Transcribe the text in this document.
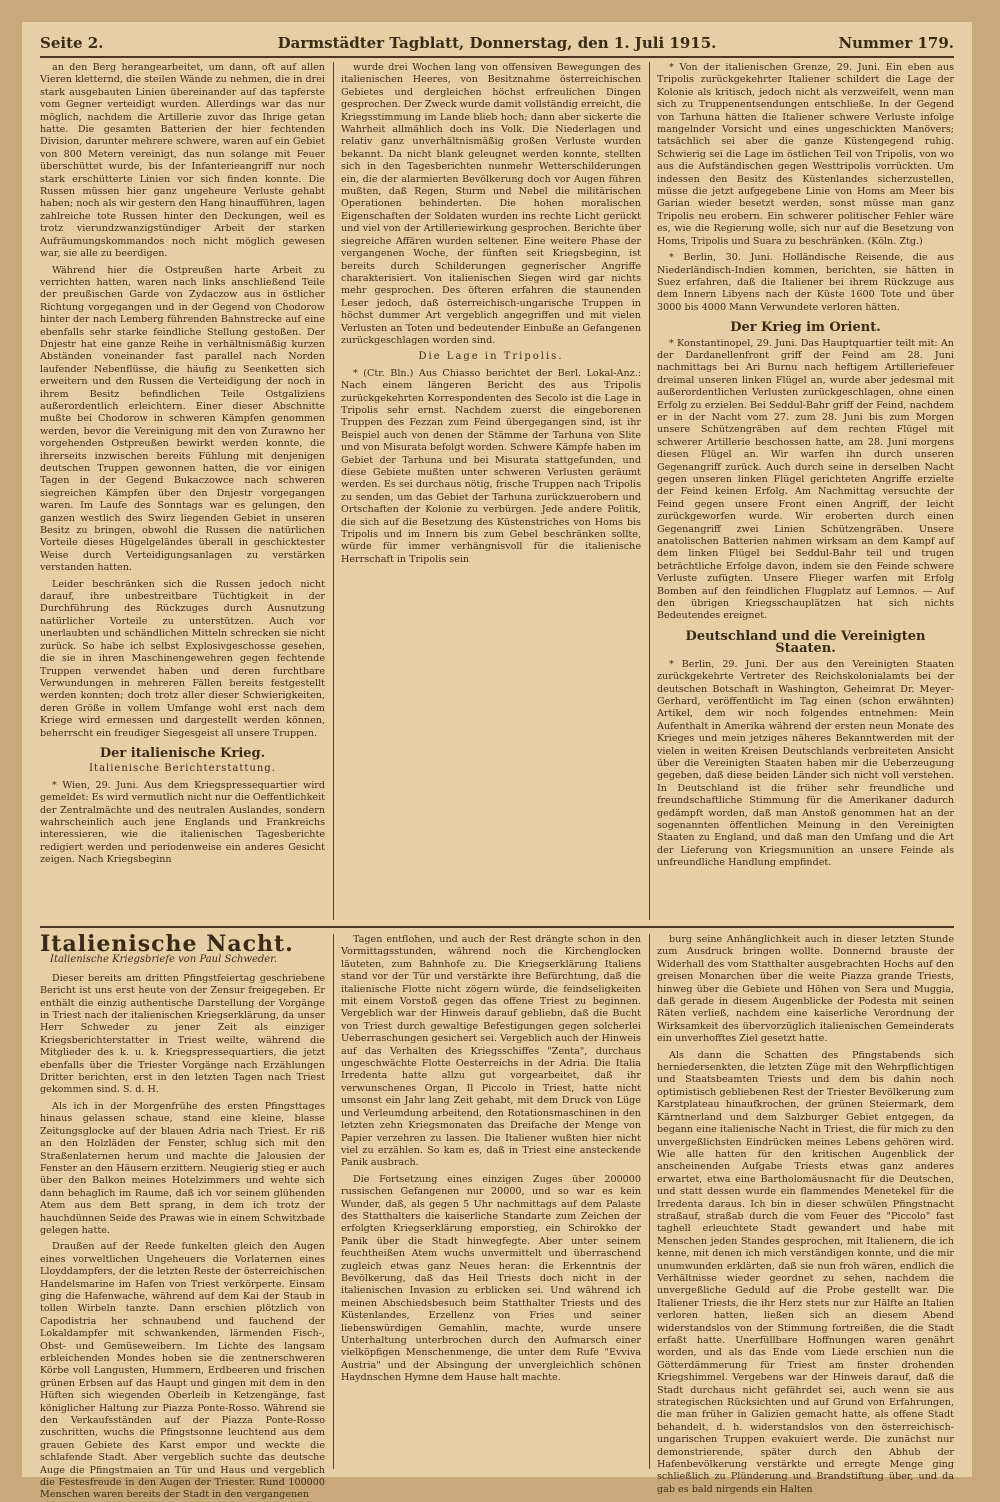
Seite 2.	Darmstädter Tagblatt, Donnerstag, den 1. Juli 1915.	Nummer 179.

an den Berg herangearbeitet, um dann, oft auf allen Vieren kletternd, die steilen Wände zu nehmen, die in drei stark ausgebauten Linien übereinander auf das tapferste vom Gegner verteidigt wurden. Allerdings war das nur möglich, nachdem die Artillerie zuvor das Ihrige getan hatte. Die gesamten Batterien der hier fechtenden Division, darunter mehrere schwere, waren auf ein Gebiet von 800 Metern vereinigt, das nun solange mit Feuer überschüttet wurde, bis der Infanterieangriff nur noch stark erschütterte Linien vor sich finden konnte. Die Russen müssen hier ganz ungeheure Verluste gehabt haben; noch als wir gestern den Hang hinaufführen, lagen zahlreiche tote Russen hinter den Deckungen, weil es trotz vierundzwanzigstündiger Arbeit der starken Aufräumungskommandos noch nicht möglich gewesen war, sie alle zu beerdigen.

Während hier die Ostpreußen harte Arbeit zu verrichten hatten, waren nach links anschließend Teile der preußischen Garde von Zydaczow aus in östlicher Richtung vorgegangen und in der Gegend von Chodorow hinter der nach Lemberg führenden Bahnstrecke auf eine ebenfalls sehr starke feindliche Stellung gestoßen. Der Dnjestr hat eine ganze Reihe in verhältnismäßig kurzen Abständen voneinander fast parallel nach Norden laufender Nebenflüsse, die häufig zu Seenketten sich erweitern und den Russen die Verteidigung der noch in ihrem Besitz befindlichen Teile Ostgaliziens außerordentlich erleichtern. Einer dieser Abschnitte mußte bei Chodorow in schweren Kämpfen genommen werden, bevor die Vereinigung mit den von Zurawno her vorgehenden Ostpreußen bewirkt werden konnte, die ihrerseits inzwischen bereits Fühlung mit denjenigen deutschen Truppen gewonnen hatten, die vor einigen Tagen in der Gegend Bukaczowce nach schweren siegreichen Kämpfen über den Dnjestr vorgegangen waren. Im Laufe des Sonntags war es gelungen, den ganzen westlich des Swirz liegenden Gebiet in unseren Besitz zu bringen, obwohl die Russen die natürlichen Vorteile dieses Hügelgeländes überall in geschicktester Weise durch Verteidigungsanlagen zu verstärken verstanden hatten.

Leider beschränken sich die Russen jedoch nicht darauf, ihre unbestreitbare Tüchtigkeit in der Durchführung des Rückzuges durch Ausnutzung natürlicher Vorteile zu unterstützen. Auch vor unerlaubten und schändlichen Mitteln schrecken sie nicht zurück. So habe ich selbst Explosivgeschosse gesehen, die sie in ihren Maschinengewehren gegen fechtende Truppen verwendet haben und deren furchtbare Verwundungen in mehreren Fällen bereits festgestellt werden konnten; doch trotz aller dieser Schwierigkeiten, deren Größe in vollem Umfange wohl erst nach dem Kriege wird ermessen und dargestellt werden können, beherrscht ein freudiger Siegesgeist all unsere Truppen.

Der italienische Krieg.
Italienische Berichterstattung.

* Wien, 29. Juni. Aus dem Kriegspressequartier wird gemeldet: Es wird vermutlich nicht nur die Oeffentlichkeit der Zentralmächte und des neutralen Auslandes, sondern wahrscheinlich auch jene Englands und Frankreichs interessieren, wie die italienischen Tagesberichte redigiert werden und periodenweise ein anderes Gesicht zeigen. Nach Kriegsbeginn

wurde drei Wochen lang von offensiven Bewegungen des italienischen Heeres, von Besitznahme österreichischen Gebietes und dergleichen höchst erfreulichen Dingen gesprochen. Der Zweck wurde damit vollständig erreicht, die Kriegsstimmung im Lande blieb hoch; dann aber sickerte die Wahrheit allmählich doch ins Volk. Die Niederlagen und relativ ganz unverhältnismäßig großen Verluste wurden bekannt. Da nicht blank geleugnet werden konnte, stellten sich in den Tagesberichten nunmehr Wetterschilderungen ein, die der alarmierten Bevölkerung doch vor Augen führen mußten, daß Regen, Sturm und Nebel die militärischen Operationen behinderten. Die hohen moralischen Eigenschaften der Soldaten wurden ins rechte Licht gerückt und viel von der Artilleriewirkung gesprochen. Berichte über siegreiche Affären wurden seltener. Eine weitere Phase der vergangenen Woche, der fünften seit Kriegsbeginn, ist bereits durch Schilderungen gegnerischer Angriffe charakterisiert. Von italienischen Siegen wird gar nichts mehr gesprochen. Des öfteren erfahren die staunenden Leser jedoch, daß österreichisch-ungarische Truppen in höchst dummer Art vergeblich angegriffen und mit vielen Verlusten an Toten und bedeutender Einbuße an Gefangenen zurückgeschlagen worden sind.

Die Lage in Tripolis.

* (Ctr. Bln.) Aus Chiasso berichtet der Berl. Lokal-Anz.: Nach einem längeren Bericht des aus Tripolis zurückgekehrten Korrespondenten des Secolo ist die Lage in Tripolis sehr ernst. Nachdem zuerst die eingeborenen Truppen des Fezzan zum Feind übergegangen sind, ist ihr Beispiel auch von denen der Stämme der Tarhuna von Slite und von Misurata befolgt worden. Schwere Kämpfe haben im Gebiet der Tarhuna und bei Misurata stattgefunden, und diese Gebiete mußten unter schweren Verlusten geräumt werden. Es sei durchaus nötig, frische Truppen nach Tripolis zu senden, um das Gebiet der Tarhuna zurückzuerobern und Ortschaften der Kolonie zu verbürgen. Jede andere Politik, die sich auf die Besetzung des Küstenstriches von Homs bis Tripolis und im Innern bis zum Gebel beschränken sollte, würde für immer verhängnisvoll für die italienische Herrschaft in Tripolis sein

* Von der italienischen Grenze, 29. Juni. Ein eben aus Tripolis zurückgekehrter Italiener schildert die Lage der Kolonie als kritisch, jedoch nicht als verzweifelt, wenn man sich zu Truppenentsendungen entschließe. In der Gegend von Tarhuna hätten die Italiener schwere Verluste infolge mangelnder Vorsicht und eines ungeschickten Manövers; tatsächlich sei aber die ganze Küstengegend ruhig. Schwierig sei die Lage im östlichen Teil von Tripolis, von wo aus die Aufständischen gegen Westtripolis vorrückten. Um indessen den Besitz des Küstenlandes sicherzustellen, müsse die jetzt aufgegebene Linie von Homs am Meer bis Garian wieder besetzt werden, sonst müsse man ganz Tripolis neu erobern. Ein schwerer politischer Fehler wäre es, wie die Regierung wolle, sich nur auf die Besetzung von Homs, Tripolis und Suara zu beschränken. (Köln. Ztg.)

* Berlin, 30. Juni. Holländische Reisende, die aus Niederländisch-Indien kommen, berichten, sie hätten in Suez erfahren, daß die Italiener bei ihrem Rückzuge aus dem Innern Libyens nach der Küste 1600 Tote und über 3000 bis 4000 Mann Verwundete verloren hätten.

Der Krieg im Orient.

* Konstantinopel, 29. Juni. Das Hauptquartier teilt mit: An der Dardanellenfront griff der Feind am 28. Juni nachmittags bei Ari Burnu nach heftigem Artilleriefeuer dreimal unseren linken Flügel an, wurde aber jedesmal mit außerordentlichen Verlusten zurückgeschlagen, ohne einen Erfolg zu erzielen. Bei Seddul-Bahr griff der Feind, nachdem er in der Nacht vom 27. zum 28. Juni bis zum Morgen unsere Schützengräben auf dem rechten Flügel mit schwerer Artillerie beschossen hatte, am 28. Juni morgens diesen Flügel an. Wir warfen ihn durch unseren Gegenangriff zurück. Auch durch seine in derselben Nacht gegen unseren linken Flügel gerichteten Angriffe erzielte der Feind keinen Erfolg. Am Nachmittag versuchte der Feind gegen unsere Front einen Angriff, der leicht zurückgeworfen wurde. Wir eroberten durch einen Gegenangriff zwei Linien Schützengräben. Unsere anatolischen Batterien nahmen wirksam an dem Kampf auf dem linken Flügel bei Seddul-Bahr teil und trugen beträchtliche Erfolge davon, indem sie den Feinde schwere Verluste zufügten. Unsere Flieger warfen mit Erfolg Bomben auf den feindlichen Flugplatz auf Lemnos. — Auf den übrigen Kriegsschauplätzen hat sich nichts Bedeutendes ereignet.

Deutschland und die Vereinigten Staaten.

* Berlin, 29. Juni. Der aus den Vereinigten Staaten zurückgekehrte Vertreter des Reichskolonialamts bei der deutschen Botschaft in Washington, Geheimrat Dr. Meyer-Gerhard, veröffentlicht im Tag einen (schon erwähnten) Artikel, dem wir noch folgendes entnehmen: Mein Aufenthalt in Amerika während der ersten neun Monate des Krieges und mein jetziges näheres Bekanntwerden mit der vielen in weiten Kreisen Deutschlands verbreiteten Ansicht über die Vereinigten Staaten haben mir die Ueberzeugung gegeben, daß diese beiden Länder sich nicht voll verstehen. In Deutschland ist die früher sehr freundliche und freundschaftliche Stimmung für die Amerikaner dadurch gedämpft worden, daß man Anstoß genommen hat an der sogenannten öffentlichen Meinung in den Vereinigten Staaten zu England, und daß man den Umfang und die Art der Lieferung von Kriegsmunition an unsere Feinde als unfreundliche Handlung empfindet.

Italienische Nacht.
Italienische Kriegsbriefe von Paul Schweder.

Dieser bereits am dritten Pfingstfeiertag geschriebene Bericht ist uns erst heute von der Zensur freigegeben. Er enthält die einzig authentische Darstellung der Vorgänge in Triest nach der italienischen Kriegserklärung, da unser Herr Schweder zu jener Zeit als einziger Kriegsberichterstatter in Triest weilte, während die Mitglieder des k. u. k. Kriegspressequartiers, die jetzt ebenfalls über die Triester Vorgänge nach Erzählungen Dritter berichten, erst in den letzten Tagen nach Triest gekommen sind. S. d. H.

Als ich in der Morgenfrühe des ersten Pfingsttages hinaus gelassen schaue, stand eine kleine, blasse Zeitungsglocke auf der blauen Adria nach Triest. Er riß an den Holzläden der Fenster, schlug sich mit den Straßenlaternen herum und machte die Jalousien der Fenster an den Häusern erzittern. Neugierig stieg er auch über den Balkon meines Hotelzimmers und wehte sich dann behaglich im Raume, daß ich vor seinem glühenden Atem aus dem Bett sprang, in dem ich trotz der hauchdünnen Seide des Prawas wie in einem Schwitzbade gelegen hatte.

Draußen auf der Reede funkelten gleich den Augen eines vorweltlichen Ungeheuers die Vorlaternen eines Lloyddampfers, der die letzten Reste der österreichischen Handelsmarine im Hafen von Triest verkörperte. Einsam ging die Hafenwache, während auf dem Kai der Staub in tollen Wirbeln tanzte. Dann erschien plötzlich von Capodistria her schnaubend und fauchend der Lokaldampfer mit schwankenden, lärmenden Fisch-, Obst- und Gemüseweibern. Im Lichte des langsam erbleichenden Mondes hoben sie die zentnerschweren Körbe voll Langusten, Hummern, Erdbeeren und frischen grünen Erbsen auf das Haupt und gingen mit dem in den Hüften sich wiegenden Oberleib in Ketzengänge, fast königlicher Haltung zur Piazza Ponte-Rosso. Während sie den Verkaufsständen auf der Piazza Ponte-Rosso zuschritten, wuchs die Pfingstsonne leuchtend aus dem grauen Gebiete des Karst empor und weckte die schlafende Stadt. Aber vergeblich suchte das deutsche Auge die Pfingstmaien an Tür und Haus und vergeblich die Festesfreude in den Augen der Triester. Rund 100000 Menschen waren bereits der Stadt in den vergangenen

Tagen entflohen, und auch der Rest drängte schon in den Vormittagsstunden, während noch die Kirchenglocken läuteten, zum Bahnhofe zu. Die Kriegserklärung Italiens stand vor der Tür und verstärkte ihre Befürchtung, daß die italienische Flotte nicht zögern würde, die feindseligkeiten mit einem Vorstoß gegen das offene Triest zu beginnen. Vergeblich war der Hinweis darauf gebliebn, daß die Bucht von Triest durch gewaltige Befestigungen gegen solcherlei Ueberraschungen gesichert sei. Vergeblich auch der Hinweis auf das Verhalten des Kriegsschiffes "Zenta", durchaus ungeschwächte Flotte Oesterreichs in der Adria. Die Italia Irredenta hatte allzu gut vorgearbeitet, daß ihr verwunschenes Organ, Il Piccolo in Triest, hatte nicht umsonst ein Jahr lang Zeit gehabt, mit dem Druck von Lüge und Verleumdung arbeitend, den Rotationsmaschinen in den letzten zehn Kriegsmonaten das Dreifache der Menge von Papier verzehren zu lassen. Die Italiener wußten hier nicht viel zu erzählen. So kam es, daß in Triest eine ansteckende Panik ausbrach.

Die Fortsetzung eines einzigen Zuges über 200000 russischen Gefangenen nur 20000, und so war es kein Wunder, daß, als gegen 5 Uhr nachmittags auf dem Palaste des Statthalters die kaiserliche Standarte zum Zeichen der erfolgten Kriegserklärung emporstieg, ein Schirokko der Panik über die Stadt hinwegfegte. Aber unter seinem feuchtheißen Atem wuchs unvermittelt und überraschend zugleich etwas ganz Neues heran: die Erkenntnis der Bevölkerung, daß das Heil Triests doch nicht in der italienischen Invasion zu erblicken sei. Und während ich meinen Abschiedsbesuch beim Statthalter Triests und des Küstenlandes, Erzellenz von Fries und seiner liebenswürdigen Gemahlin, machte, wurde unsere Unterhaltung unterbrochen durch den Aufmarsch einer vielköpfigen Menschenmenge, die unter dem Rufe "Evviva Austria" und der Absingung der unvergleichlich schönen Haydnschen Hymne dem Hause halt machte.

burg seine Anhänglichkeit auch in dieser letzten Stunde zum Ausdruck bringen wollte. Donnernd brauste der Widerhall des vom Statthalter ausgebrachten Hochs auf den greisen Monarchen über die weite Piazza grande Triests, hinweg über die Gebiete und Höhen von Sera und Muggia, daß gerade in diesem Augenblicke der Podesta mit seinen Räten verließ, nachdem eine kaiserliche Verordnung der Wirksamkeit des übervorzüglich italienischen Gemeinderats ein unverhofftes Ziel gesetzt hatte.

Als dann die Schatten des Pfingstabends sich herniedersenkten, die letzten Züge mit den Wehrpflichtigen und Staatsbeamten Triests und dem bis dahin noch optimistisch gebliebenen Rest der Triester Bevölkerung zum Karstplateau hinaufkrochen, der grünen Steiermark, dem Kärntnerland und dem Salzburger Gebiet entgegen, da begann eine italienische Nacht in Triest, die für mich zu den unvergeßlichsten Eindrücken meines Lebens gehören wird. Wie alle hatten für den kritischen Augenblick der anscheinenden Aufgabe Triests etwas ganz anderes erwartet, etwa eine Bartholomäusnacht für die Deutschen, und statt dessen wurde ein flammendes Menetekel für die Irredenta daraus. Ich bin in dieser schwülen Pfingstnacht straßauf, straßab durch die vom Feuer des "Piccolo" fast taghell erleuchtete Stadt gewandert und habe mit Menschen jeden Standes gesprochen, mit Italienern, die ich kenne, mit denen ich mich verständigen konnte, und die mir unumwunden erklärten, daß sie nun froh wären, endlich die Verhältnisse wieder geordnet zu sehen, nachdem die unvergeßliche Geduld auf die Probe gestellt war. Die Italiener Triests, die ihr Herz stets nur zur Hälfte an Italien verloren hatten, ließen sich an diesem Abend widerstandslos von der Stimmung fortreißen, die die Stadt erfaßt hatte. Unerfüllbare Hoffnungen waren genährt worden, und als das Ende vom Liede erschien nun die Götterdämmerung für Triest am finster drohenden Kriegshimmel. Vergebens war der Hinweis darauf, daß die Stadt durchaus nicht gefährdet sei, auch wenn sie aus strategischen Rücksichten und auf Grund von Erfahrungen, die man früher in Galizien gemacht hatte, als offene Stadt behandelt, d. h. widerstandslos von den österreichisch-ungarischen Truppen evakuiert werde. Die zunächst nur demonstrierende, später durch den Abhub der Hafenbevölkerung verstärkte und erregte Menge ging schließlich zu Plünderung und Brandstiftung über, und da gab es bald nirgends ein Halten
